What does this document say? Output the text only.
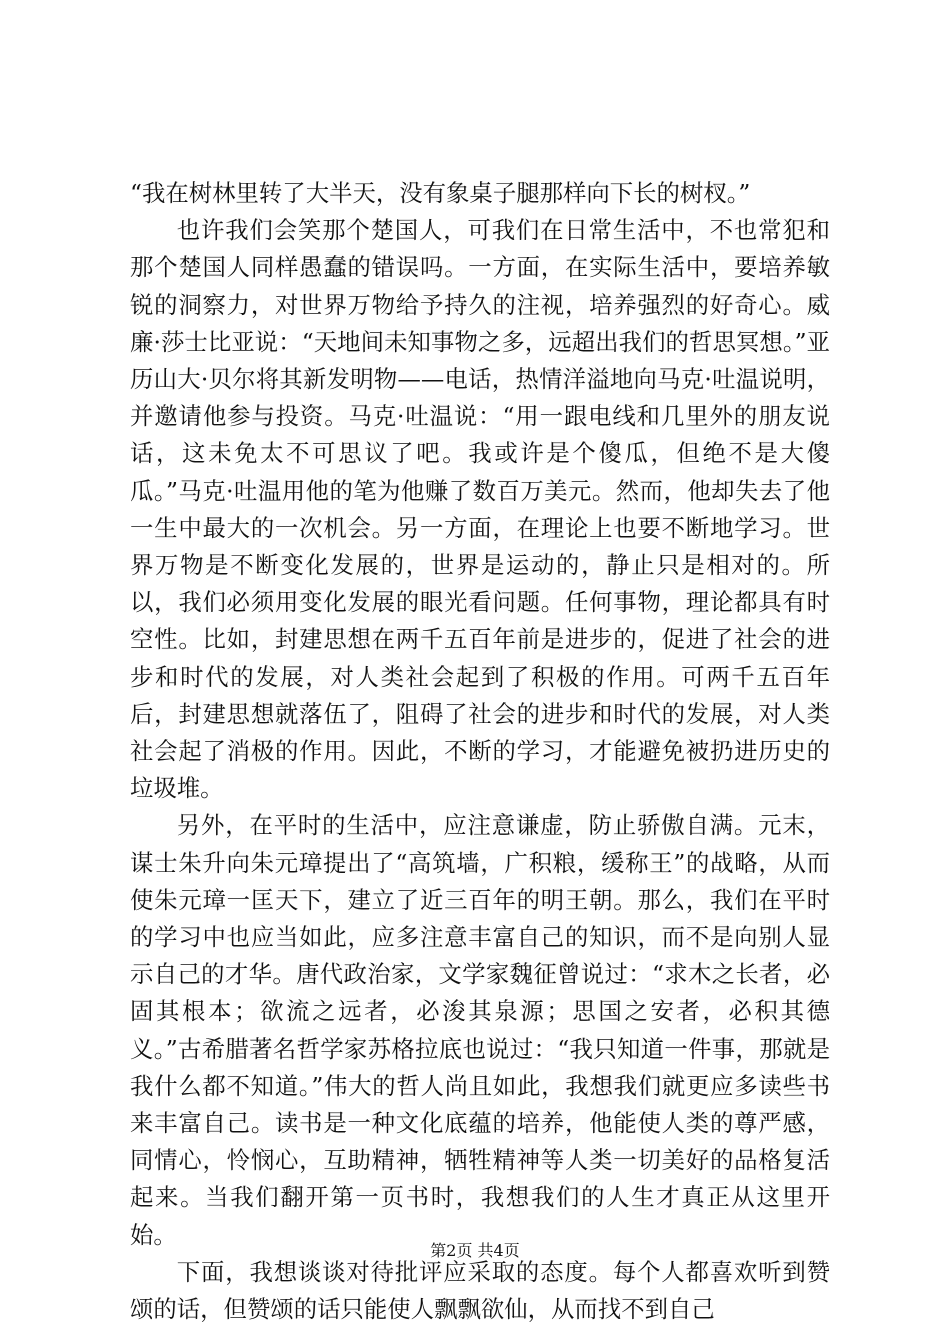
“我在树林里转了大半天，没有象桌子腿那样向下长的树杈。”

也许我们会笑那个楚国人，可我们在日常生活中，不也常犯和那个楚国人同样愚蠢的错误吗。一方面，在实际生活中，要培养敏锐的洞察力，对世界万物给予持久的注视，培养强烈的好奇心。威廉·莎士比亚说：“天地间未知事物之多，远超出我们的哲思冥想。”亚历山大·贝尔将其新发明物——电话，热情洋溢地向马克·吐温说明，并邀请他参与投资。马克·吐温说：“用一跟电线和几里外的朋友说话，这未免太不可思议了吧。我或许是个傻瓜，但绝不是大傻瓜。”马克·吐温用他的笔为他赚了数百万美元。然而，他却失去了他一生中最大的一次机会。另一方面，在理论上也要不断地学习。世界万物是不断变化发展的，世界是运动的，静止只是相对的。所以，我们必须用变化发展的眼光看问题。任何事物，理论都具有时空性。比如，封建思想在两千五百年前是进步的，促进了社会的进步和时代的发展，对人类社会起到了积极的作用。可两千五百年后，封建思想就落伍了，阻碍了社会的进步和时代的发展，对人类社会起了消极的作用。因此，不断的学习，才能避免被扔进历史的垃圾堆。

另外，在平时的生活中，应注意谦虚，防止骄傲自满。元末，谋士朱升向朱元璋提出了“高筑墙，广积粮，缓称王”的战略，从而使朱元璋一匡天下，建立了近三百年的明王朝。那么，我们在平时的学习中也应当如此，应多注意丰富自己的知识，而不是向别人显示自己的才华。唐代政治家，文学家魏征曾说过：“求木之长者，必固其根本；欲流之远者，必浚其泉源；思国之安者，必积其德义。”古希腊著名哲学家苏格拉底也说过：“我只知道一件事，那就是我什么都不知道。”伟大的哲人尚且如此，我想我们就更应多读些书来丰富自己。读书是一种文化底蕴的培养，他能使人类的尊严感，同情心，怜悯心，互助精神，牺牲精神等人类一切美好的品格复活起来。当我们翻开第一页书时，我想我们的人生才真正从这里开始。

下面，我想谈谈对待批评应采取的态度。每个人都喜欢听到赞颂的话，但赞颂的话只能使人飘飘欲仙，从而找不到自己

第2页 共4页
